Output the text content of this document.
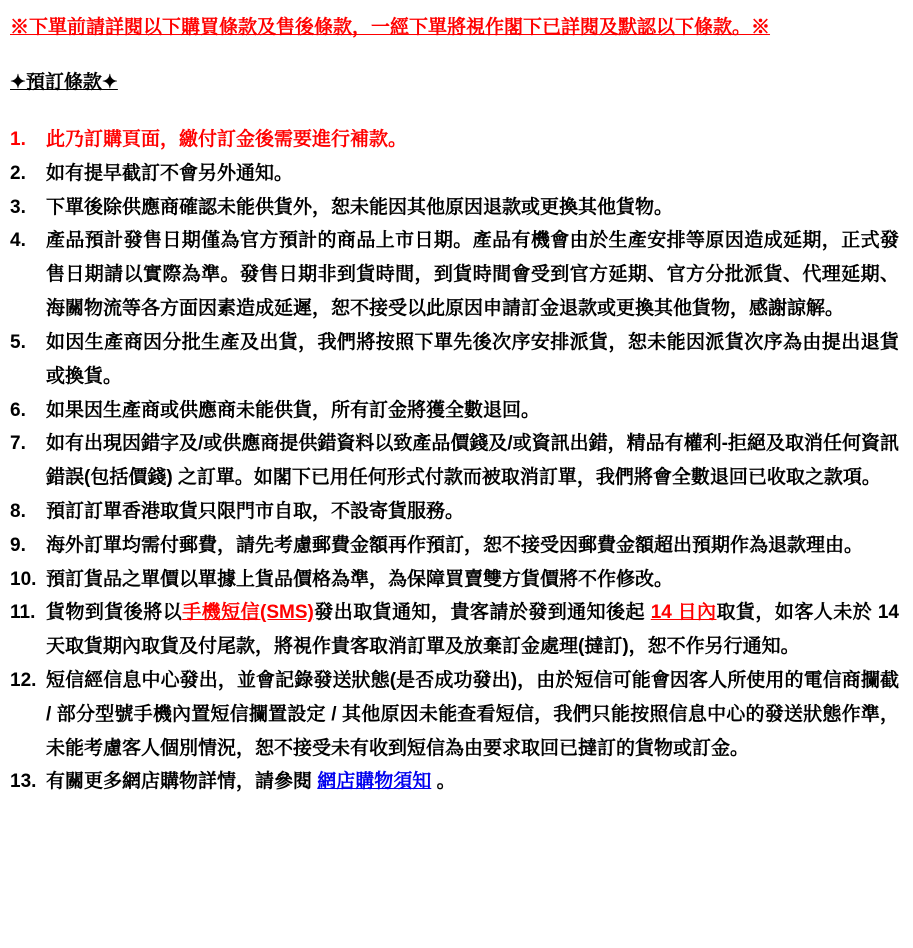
※下單前請詳閱以下購買條款及售後條款，一經下單將視作閣下已詳閱及默認以下條款。※
✦預訂條款✦
1.	此乃訂購頁面，繳付訂金後需要進行補款。
2.	如有提早截訂不會另外通知。
3.	下單後除供應商確認未能供貨外，恕未能因其他原因退款或更換其他貨物。
4.	產品預計發售日期僅為官方預計的商品上市日期。產品有機會由於生產安排等原因造成延期，正式發售日期請以實際為準。發售日期非到貨時間，到貨時間會受到官方延期、官方分批派貨、代理延期、海關物流等各方面因素造成延遲，恕不接受以此原因申請訂金退款或更換其他貨物，感謝諒解。
5.	如因生產商因分批生產及出貨，我們將按照下單先後次序安排派貨，恕未能因派貨次序為由提出退貨或換貨。
6.	如果因生產商或供應商未能供貨，所有訂金將獲全數退回。
7.	如有出現因錯字及/或供應商提供錯資料以致產品價錢及/或資訊出錯，精品有權利-拒絕及取消任何資訊錯誤(包括價錢) 之訂單。如閣下已用任何形式付款而被取消訂單，我們將會全數退回已收取之款項。
8.	預訂訂單香港取貨只限門市自取，不設寄貨服務。
9.	海外訂單均需付郵費，請先考慮郵費金額再作預訂，恕不接受因郵費金額超出預期作為退款理由。
10. 預訂貨品之單價以單據上貨品價格為準，為保障買賣雙方貨價將不作修改。
11. 貨物到貨後將以手機短信(SMS)發出取貨通知，貴客請於發到通知後起 14 日內取貨，如客人未於 14 天取貨期內取貨及付尾款，將視作貴客取消訂單及放棄訂金處理(撻訂)，恕不作另行通知。
12. 短信經信息中心發出，並會記錄發送狀態(是否成功發出)，由於短信可能會因客人所使用的電信商攔截 / 部分型號手機內置短信攔置設定 / 其他原因未能查看短信，我們只能按照信息中心的發送狀態作準，未能考慮客人個別情況，恕不接受未有收到短信為由要求取回已撻訂的貨物或訂金。
13. 有關更多網店購物詳情，請參閱 網店購物須知 。
